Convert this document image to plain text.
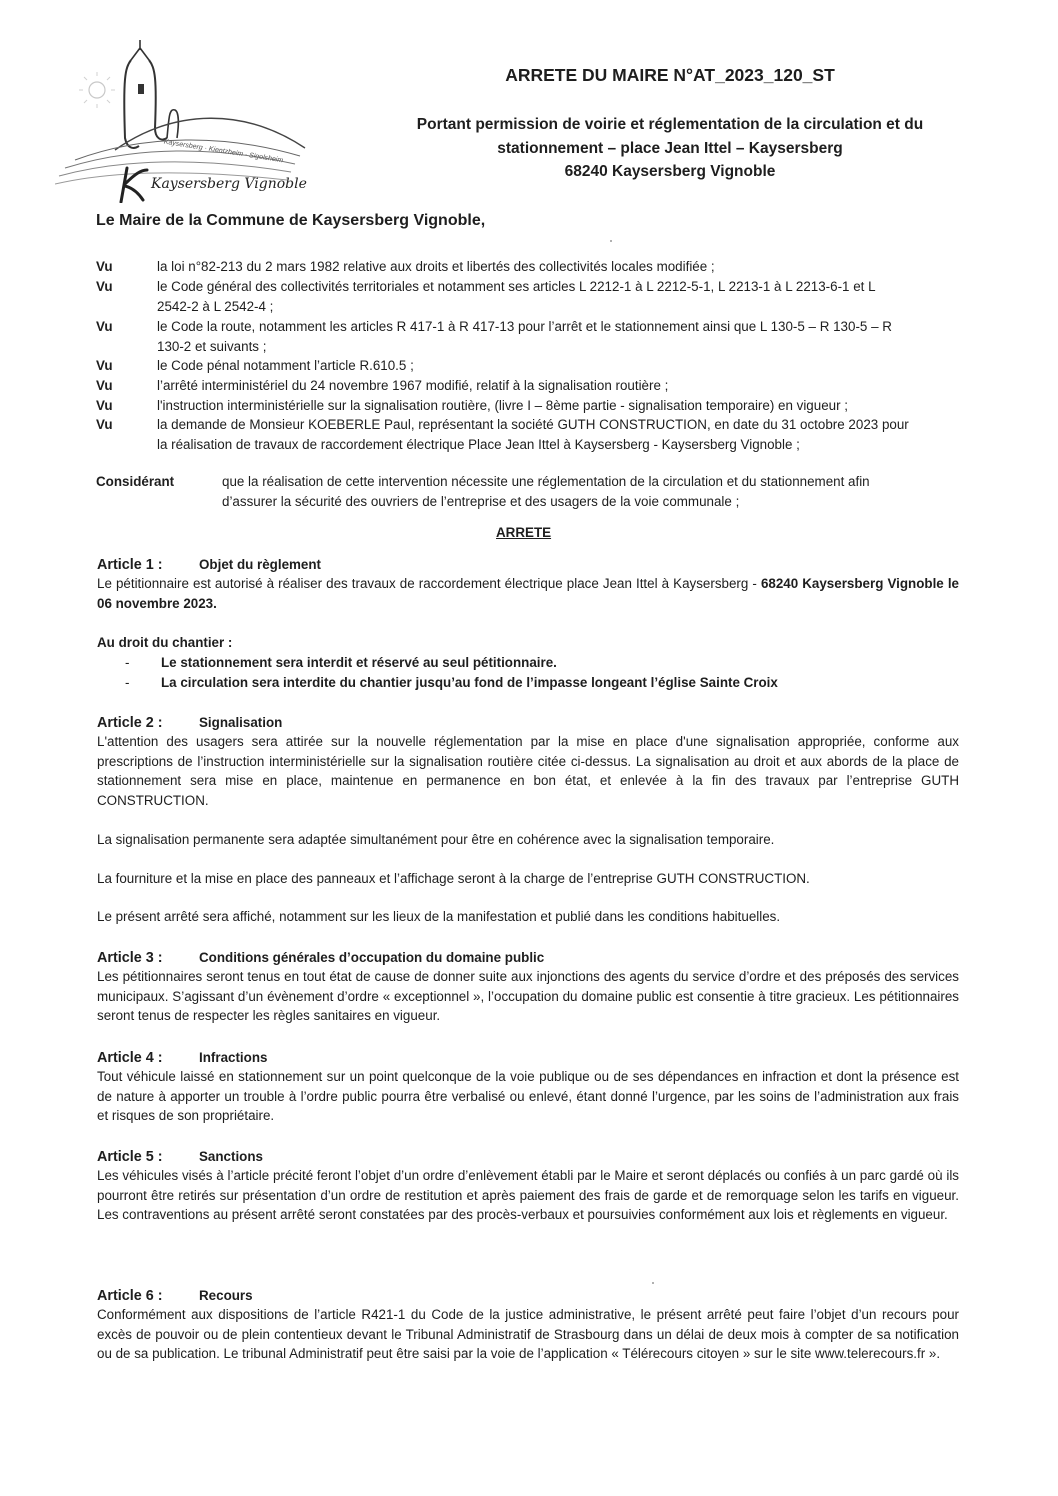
Kaysersberg · Kientzheim · Sigolsheim
Kaysersberg Vignoble
ARRETE DU MAIRE N°AT_2023_120_ST
Portant permission de voirie et réglementation de la circulation et du
stationnement – place Jean Ittel – Kaysersberg
68240 Kaysersberg Vignoble
Le Maire de la Commune de Kaysersberg Vignoble,
Vu	la loi n°82-213 du 2 mars 1982 relative aux droits et libertés des collectivités locales modifiée ;
Vu	le Code général des collectivités territoriales et notamment ses articles L 2212-1 à L 2212-5-1, L 2213-1 à L 2213-6-1 et L
2542-2 à L 2542-4 ;
Vu	le Code la route, notamment les articles R 417-1 à R 417-13 pour l’arrêt et le stationnement ainsi que L 130-5 – R 130-5 – R
130-2 et suivants ;
Vu	le Code pénal notamment l’article R.610.5 ;
Vu	l’arrêté interministériel du 24 novembre 1967 modifié, relatif à la signalisation routière ;
Vu	l'instruction interministérielle sur la signalisation routière, (livre I – 8ème partie - signalisation temporaire) en vigueur ;
Vu	la demande de Monsieur KOEBERLE Paul, représentant la société GUTH CONSTRUCTION, en date du 31 octobre 2023 pour
la réalisation de travaux de raccordement électrique Place Jean Ittel à Kaysersberg - Kaysersberg Vignoble ;
Considérant	que la réalisation de cette intervention nécessite une réglementation de la circulation et du stationnement afin
d’assurer la sécurité des ouvriers de l’entreprise et des usagers de la voie communale ;
ARRETE
Article 1 :	Objet du règlement
Le pétitionnaire est autorisé à réaliser des travaux de raccordement électrique place Jean Ittel à Kaysersberg - 68240 Kaysersberg Vignoble le 06 novembre 2023.
Au droit du chantier :
- Le stationnement sera interdit et réservé au seul pétitionnaire.
- La circulation sera interdite du chantier jusqu’au fond de l’impasse longeant l’église Sainte Croix
Article 2 :	Signalisation
L'attention des usagers sera attirée sur la nouvelle réglementation par la mise en place d'une signalisation appropriée, conforme aux prescriptions de l’instruction interministérielle sur la signalisation routière citée ci-dessus. La signalisation au droit et aux abords de la place de stationnement sera mise en place, maintenue en permanence en bon état, et enlevée à la fin des travaux par l’entreprise GUTH CONSTRUCTION.
La signalisation permanente sera adaptée simultanément pour être en cohérence avec la signalisation temporaire.
La fourniture et la mise en place des panneaux et l’affichage seront à la charge de l’entreprise GUTH CONSTRUCTION.
Le présent arrêté sera affiché, notamment sur les lieux de la manifestation et publié dans les conditions habituelles.
Article 3 :	Conditions générales d’occupation du domaine public
Les pétitionnaires seront tenus en tout état de cause de donner suite aux injonctions des agents du service d’ordre et des préposés des services municipaux. S’agissant d’un évènement d’ordre « exceptionnel », l’occupation du domaine public est consentie à titre gracieux. Les pétitionnaires seront tenus de respecter les règles sanitaires en vigueur.
Article 4 :	Infractions
Tout véhicule laissé en stationnement sur un point quelconque de la voie publique ou de ses dépendances en infraction et dont la présence est de nature à apporter un trouble à l’ordre public pourra être verbalisé ou enlevé, étant donné l’urgence, par les soins de l’administration aux frais et risques de son propriétaire.
Article 5 :	Sanctions
Les véhicules visés à l’article précité feront l’objet d’un ordre d’enlèvement établi par le Maire et seront déplacés ou confiés à un parc gardé où ils pourront être retirés sur présentation d’un ordre de restitution et après paiement des frais de garde et de remorquage selon les tarifs en vigueur. Les contraventions au présent arrêté seront constatées par des procès-verbaux et poursuivies conformément aux lois et règlements en vigueur.
Article 6 :	Recours
Conformément aux dispositions de l’article R421-1 du Code de la justice administrative, le présent arrêté peut faire l’objet d’un recours pour excès de pouvoir ou de plein contentieux devant le Tribunal Administratif de Strasbourg dans un délai de deux mois à compter de sa notification ou de sa publication. Le tribunal Administratif peut être saisi par la voie de l’application « Télérecours citoyen » sur le site www.telerecours.fr ».
